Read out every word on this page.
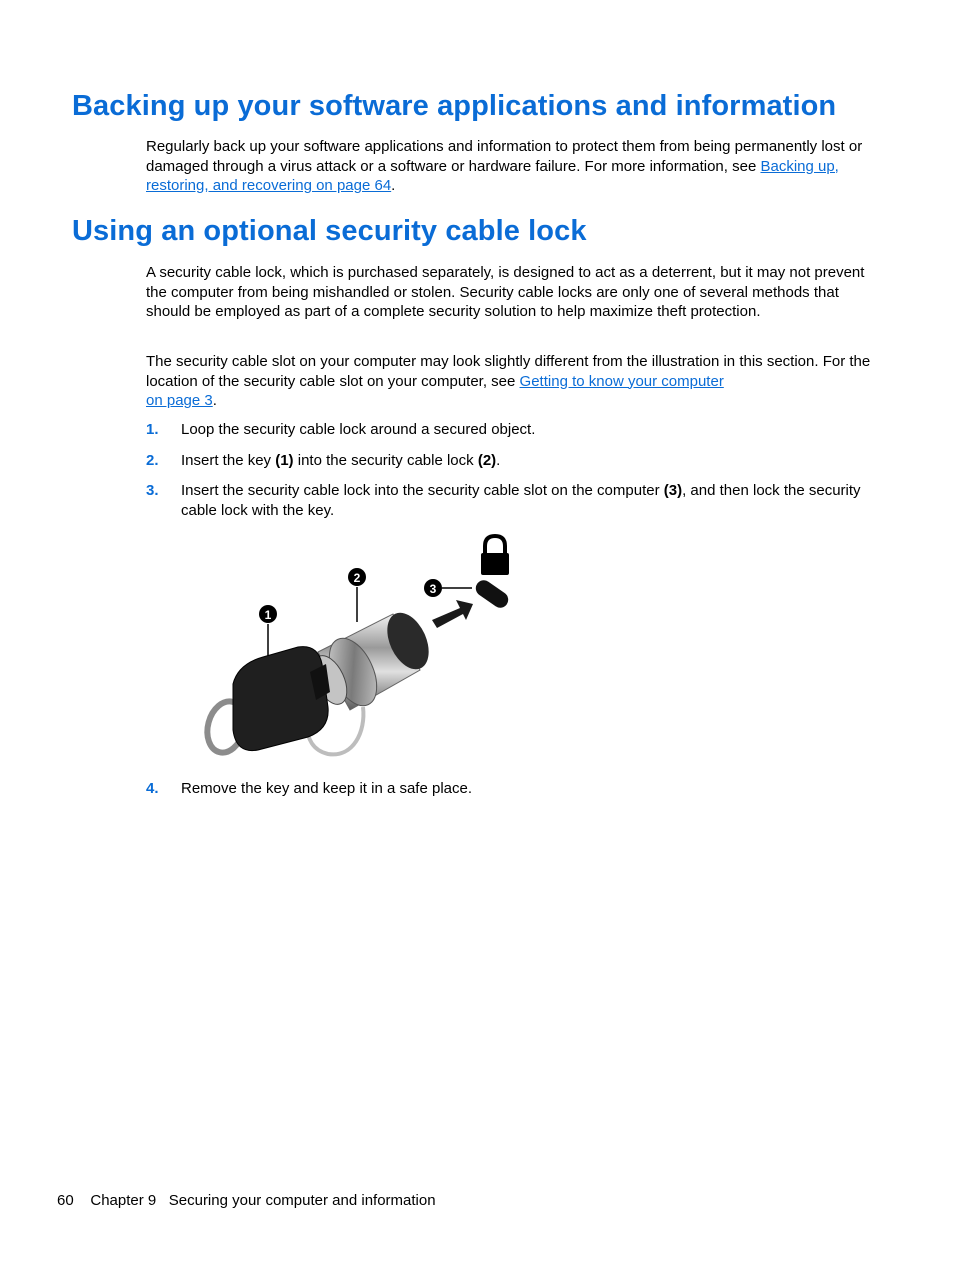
Backing up your software applications and information

Regularly back up your software applications and information to protect them from being permanently lost or damaged through a virus attack or a software or hardware failure. For more information, see Backing up, restoring, and recovering on page 64.

Using an optional security cable lock

A security cable lock, which is purchased separately, is designed to act as a deterrent, but it may not prevent the computer from being mishandled or stolen. Security cable locks are only one of several methods that should be employed as part of a complete security solution to help maximize theft protection.

The security cable slot on your computer may look slightly different from the illustration in this section. For the location of the security cable slot on your computer, see Getting to know your computer
on page 3.

1. Loop the security cable lock around a secured object.
2. Insert the key (1) into the security cable lock (2).
3. Insert the security cable lock into the security cable slot on the computer (3), and then lock the security cable lock with the key.
1
2
3
4. Remove the key and keep it in a safe place.
60 Chapter 9 Securing your computer and information
